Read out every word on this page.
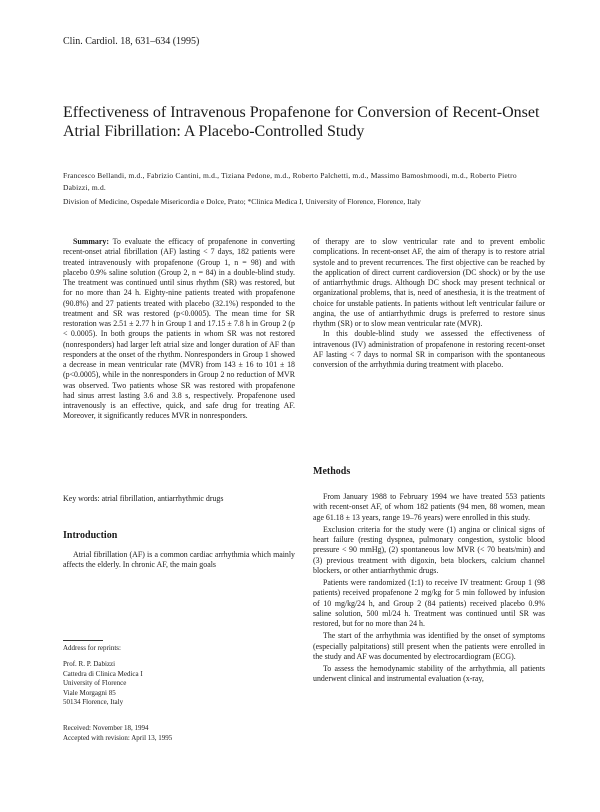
Clin. Cardiol. 18, 631–634 (1995)
Effectiveness of Intravenous Propafenone for Conversion of Recent-Onset Atrial Fibrillation: A Placebo-Controlled Study
Francesco Bellandi, m.d., Fabrizio Cantini, m.d., Tiziana Pedone, m.d., Roberto Palchetti, m.d., Massimo Bamoshmoodi, m.d., Roberto Pietro Dabizzi, m.d.
Division of Medicine, Ospedale Misericordia e Dolce, Prato; *Clinica Medica I, University of Florence, Florence, Italy

Summary: To evaluate the efficacy of propafenone in converting recent-onset atrial fibrillation (AF) lasting < 7 days, 182 patients were treated intravenously with propafenone (Group 1, n = 98) and with placebo 0.9% saline solution (Group 2, n = 84) in a double-blind study. The treatment was continued until sinus rhythm (SR) was restored, but for no more than 24 h. Eighty-nine patients treated with propafenone (90.8%) and 27 patients treated with placebo (32.1%) responded to the treatment and SR was restored (p<0.0005). The mean time for SR restoration was 2.51 ± 2.77 h in Group 1 and 17.15 ± 7.8 h in Group 2 (p < 0.0005). In both groups the patients in whom SR was not restored (nonresponders) had larger left atrial size and longer duration of AF than responders at the onset of the rhythm. Nonresponders in Group 1 showed a decrease in mean ventricular rate (MVR) from 143 ± 16 to 101 ± 18 (p<0.0005), while in the nonresponders in Group 2 no reduction of MVR was observed. Two patients whose SR was restored with propafenone had sinus arrest lasting 3.6 and 3.8 s, respectively. Propafenone used intravenously is an effective, quick, and safe drug for treating AF. Moreover, it significantly reduces MVR in nonresponders.

Key words: atrial fibrillation, antiarrhythmic drugs
Introduction

Atrial fibrillation (AF) is a common cardiac arrhythmia which mainly affects the elderly. In chronic AF, the main goals

of therapy are to slow ventricular rate and to prevent embolic complications. In recent-onset AF, the aim of therapy is to restore atrial systole and to prevent recurrences. The first objective can be reached by the application of direct current cardioversion (DC shock) or by the use of antiarrhythmic drugs. Although DC shock may present technical or organizational problems, that is, need of anesthesia, it is the treatment of choice for unstable patients. In patients without left ventricular failure or angina, the use of antiarrhythmic drugs is preferred to restore sinus rhythm (SR) or to slow mean ventricular rate (MVR).

In this double-blind study we assessed the effectiveness of intravenous (IV) administration of propafenone in restoring recent-onset AF lasting < 7 days to normal SR in comparison with the spontaneous conversion of the arrhythmia during treatment with placebo.

Methods

From January 1988 to February 1994 we have treated 553 patients with recent-onset AF, of whom 182 patients (94 men, 88 women, mean age 61.18 ± 13 years, range 19–76 years) were enrolled in this study.

Exclusion criteria for the study were (1) angina or clinical signs of heart failure (resting dyspnea, pulmonary congestion, systolic blood pressure < 90 mmHg), (2) spontaneous low MVR (< 70 beats/min) and (3) previous treatment with digoxin, beta blockers, calcium channel blockers, or other antiarrhythmic drugs.

Patients were randomized (1:1) to receive IV treatment: Group 1 (98 patients) received propafenone 2 mg/kg for 5 min followed by infusion of 10 mg/kg/24 h, and Group 2 (84 patients) received placebo 0.9% saline solution, 500 ml/24 h. Treatment was continued until SR was restored, but for no more than 24 h.

The start of the arrhythmia was identified by the onset of symptoms (especially palpitations) still present when the patients were enrolled in the study and AF was documented by electrocardiogram (ECG).

To assess the hemodynamic stability of the arrhythmia, all patients underwent clinical and instrumental evaluation (x-ray,

Address for reprints:

Prof. R. P. Dabizzi

Cattedra di Clinica Medica I

University of Florence

Viale Morgagni 85

50134 Florence, Italy

Received: November 18, 1994

Accepted with revision: April 13, 1995
